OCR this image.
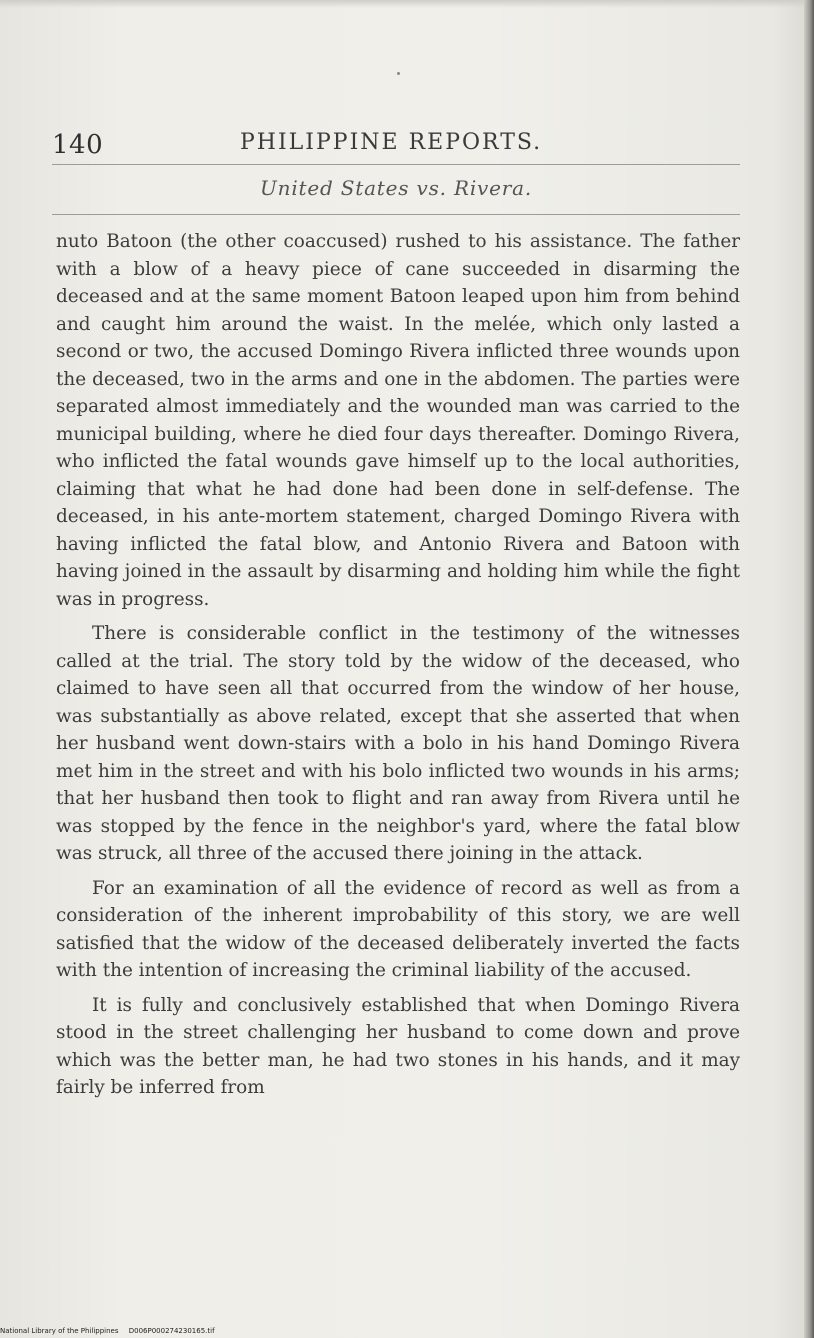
140	PHILIPPINE REPORTS.
United States vs. Rivera.

nuto Batoon (the other coaccused) rushed to his assistance. The father with a blow of a heavy piece of cane succeeded in disarming the deceased and at the same moment Batoon leaped upon him from behind and caught him around the waist. In the melée, which only lasted a second or two, the accused Domingo Rivera inflicted three wounds upon the deceased, two in the arms and one in the abdomen. The parties were separated almost immediately and the wounded man was carried to the municipal building, where he died four days thereafter. Domingo Rivera, who inflicted the fatal wounds gave himself up to the local authorities, claiming that what he had done had been done in self-defense. The deceased, in his ante-mortem statement, charged Domingo Rivera with having inflicted the fatal blow, and Antonio Rivera and Batoon with having joined in the assault by disarming and holding him while the fight was in progress.

There is considerable conflict in the testimony of the witnesses called at the trial. The story told by the widow of the deceased, who claimed to have seen all that occurred from the window of her house, was substantially as above related, except that she asserted that when her husband went down-stairs with a bolo in his hand Domingo Rivera met him in the street and with his bolo inflicted two wounds in his arms; that her husband then took to flight and ran away from Rivera until he was stopped by the fence in the neighbor's yard, where the fatal blow was struck, all three of the accused there joining in the attack.

For an examination of all the evidence of record as well as from a consideration of the inherent improbability of this story, we are well satisfied that the widow of the deceased deliberately inverted the facts with the intention of increasing the criminal liability of the accused.

It is fully and conclusively established that when Domingo Rivera stood in the street challenging her husband to come down and prove which was the better man, he had two stones in his hands, and it may fairly be inferred from

National Library of the Philippines D006P000274230165.tif
